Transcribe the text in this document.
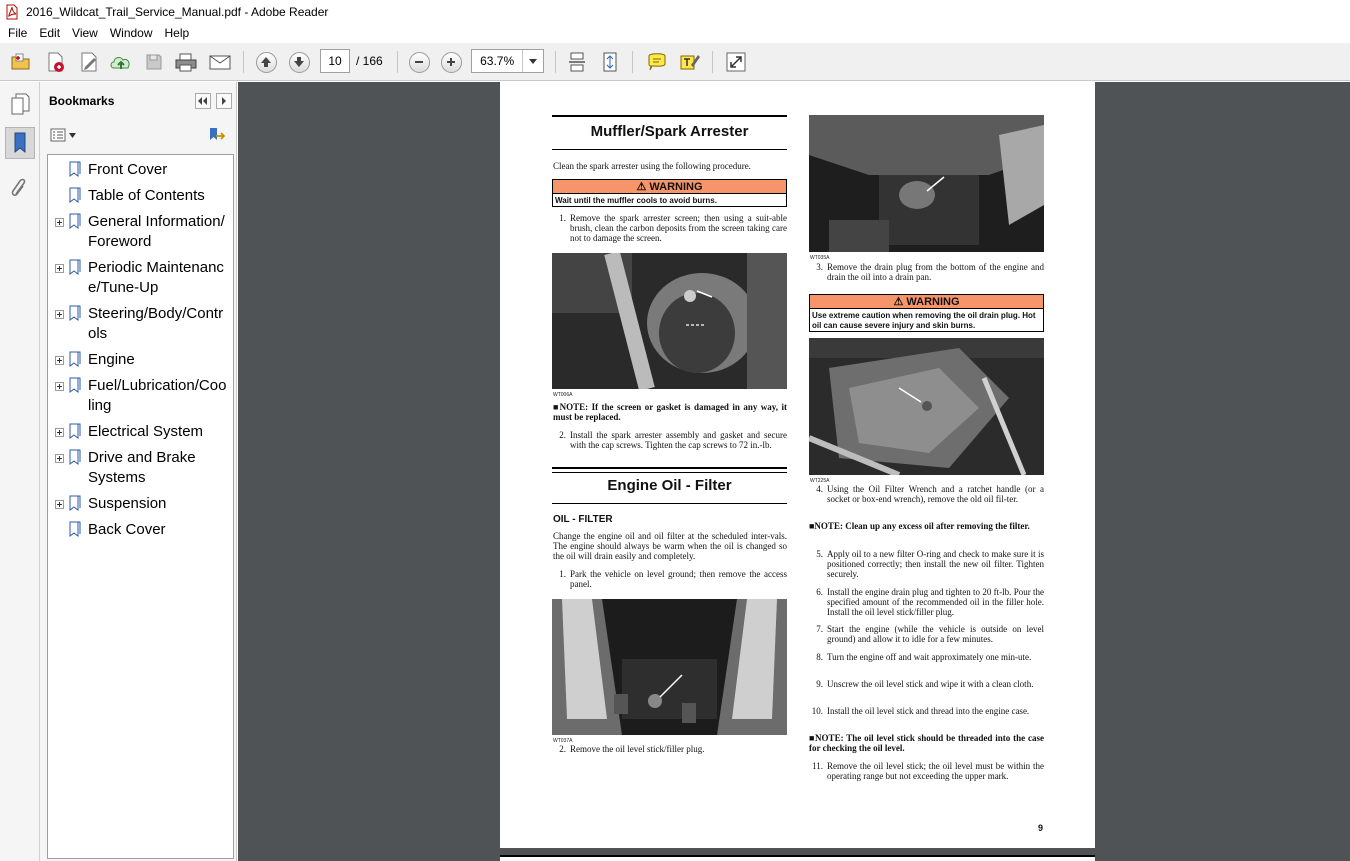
2016_Wildcat_Trail_Service_Manual.pdf - Adobe Reader
File	Edit	View	Window	Help
10
/ 166	63.7%
Bookmarks
Front Cover
Table of Contents
General Information/Foreword
Periodic Maintenance/Tune-Up
Steering/Body/Controls
Engine
Fuel/Lubrication/Cooling
Electrical System
Drive and Brake Systems
Suspension
Back Cover
Muffler/Spark Arrester
Clean the spark arrester using the following procedure.
⚠ WARNING
Wait until the muffler cools to avoid burns.
1. Remove the spark arrester screen; then using a suit-able brush, clean the carbon deposits from the screen taking care not to damage the screen.
WT006A
■NOTE: If the screen or gasket is damaged in any way, it must be replaced.
2. Install the spark arrester assembly and gasket and secure with the cap screws. Tighten the cap screws to 72 in.-lb.
Engine Oil - Filter
OIL - FILTER
Change the engine oil and oil filter at the scheduled inter-vals. The engine should always be warm when the oil is changed so the oil will drain easily and completely.
1. Park the vehicle on level ground; then remove the access panel.
WT037A
2. Remove the oil level stick/filler plug.
WT035A
3. Remove the drain plug from the bottom of the engine and drain the oil into a drain pan.
⚠ WARNING
Use extreme caution when removing the oil drain plug. Hot oil can cause severe injury and skin burns.
WT225A
4. Using the Oil Filter Wrench and a ratchet handle (or a socket or box-end wrench), remove the old oil fil-ter.
■NOTE: Clean up any excess oil after removing the filter.
5. Apply oil to a new filter O-ring and check to make sure it is positioned correctly; then install the new oil filter. Tighten securely.
6. Install the engine drain plug and tighten to 20 ft-lb. Pour the specified amount of the recommended oil in the filler hole. Install the oil level stick/filler plug.
7. Start the engine (while the vehicle is outside on level ground) and allow it to idle for a few minutes.
8. Turn the engine off and wait approximately one min-ute.
9. Unscrew the oil level stick and wipe it with a clean cloth.
10. Install the oil level stick and thread into the engine case.
■NOTE: The oil level stick should be threaded into the case for checking the oil level.
11. Remove the oil level stick; the oil level must be within the operating range but not exceeding the upper mark.
9
